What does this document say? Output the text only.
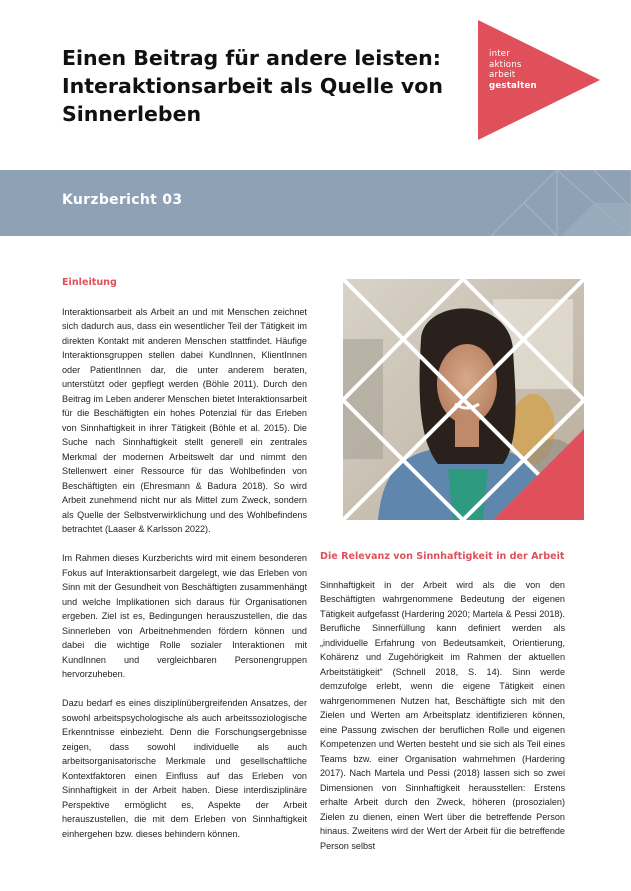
Einen Beitrag für andere leisten: Interaktionsarbeit als Quelle von Sinnerleben
inter
aktions
arbeit
gestalten
Kurzbericht 03
Einleitung

Interaktionsarbeit als Arbeit an und mit Menschen zeichnet sich dadurch aus, dass ein wesentlicher Teil der Tätigkeit im direkten Kontakt mit anderen Menschen stattfindet. Häufige Interaktionsgruppen stellen dabei KundInnen, KlientInnen oder PatientInnen dar, die unter anderem beraten, unterstützt oder gepflegt werden (Böhle 2011). Durch den Beitrag im Leben anderer Menschen bietet Interaktionsarbeit für die Beschäftigten ein hohes Potenzial für das Erleben von Sinnhaftigkeit in ihrer Tätigkeit (Böhle et al. 2015). Die Suche nach Sinnhaftigkeit stellt generell ein zentrales Merkmal der modernen Arbeitswelt dar und nimmt den Stellenwert einer Ressource für das Wohlbefinden von Beschäftigten ein (Ehresmann & Badura 2018). So wird Arbeit zunehmend nicht nur als Mittel zum Zweck, sondern als Quelle der Selbstverwirklichung und des Wohlbefindens betrachtet (Laaser & Karlsson 2022).

Im Rahmen dieses Kurzberichts wird mit einem besonderen Fokus auf Interaktionsarbeit dargelegt, wie das Erleben von Sinn mit der Gesundheit von Beschäftigten zusammenhängt und welche Implikationen sich daraus für Organisationen ergeben. Ziel ist es, Bedingungen herauszustellen, die das Sinnerleben von Arbeitnehmenden fördern können und dabei die wichtige Rolle sozialer Interaktionen mit KundInnen und vergleichbaren Personengruppen hervorzuheben.

Dazu bedarf es eines disziplinübergreifenden Ansatzes, der sowohl arbeitspsychologische als auch arbeitssoziologische Erkenntnisse einbezieht. Denn die Forschungsergebnisse zeigen, dass sowohl individuelle als auch arbeitsorganisatorische Merkmale und gesellschaftliche Kontextfaktoren einen Einfluss auf das Erleben von Sinnhaftigkeit in der Arbeit haben. Diese interdisziplinäre Perspektive ermöglicht es, Aspekte der Arbeit herauszustellen, die mit dem Erleben von Sinnhaftigkeit einhergehen bzw. dieses behindern können.

Die Relevanz von Sinnhaftigkeit in der Arbeit

Sinnhaftigkeit in der Arbeit wird als die von den Beschäftigten wahrgenommene Bedeutung der eigenen Tätigkeit aufgefasst (Hardering 2020; Martela & Pessi 2018). Berufliche Sinnerfüllung kann definiert werden als „individuelle Erfahrung von Bedeutsamkeit, Orientierung, Kohärenz und Zugehörigkeit im Rahmen der aktuellen Arbeitstätigkeit“ (Schnell 2018, S. 14). Sinn werde demzufolge erlebt, wenn die eigene Tätigkeit einen wahrgenommenen Nutzen hat, Beschäftigte sich mit den Zielen und Werten am Arbeitsplatz identifizieren können, eine Passung zwischen der beruflichen Rolle und eigenen Kompetenzen und Werten besteht und sie sich als Teil eines Teams bzw. einer Organisation wahrnehmen (Hardering 2017). Nach Martela und Pessi (2018) lassen sich so zwei Dimensionen von Sinnhaftigkeit herausstellen: Erstens erhalte Arbeit durch den Zweck, höheren (prosozialen) Zielen zu dienen, einen Wert über die betreffende Person hinaus. Zweitens wird der Wert der Arbeit für die betreffende Person selbst
